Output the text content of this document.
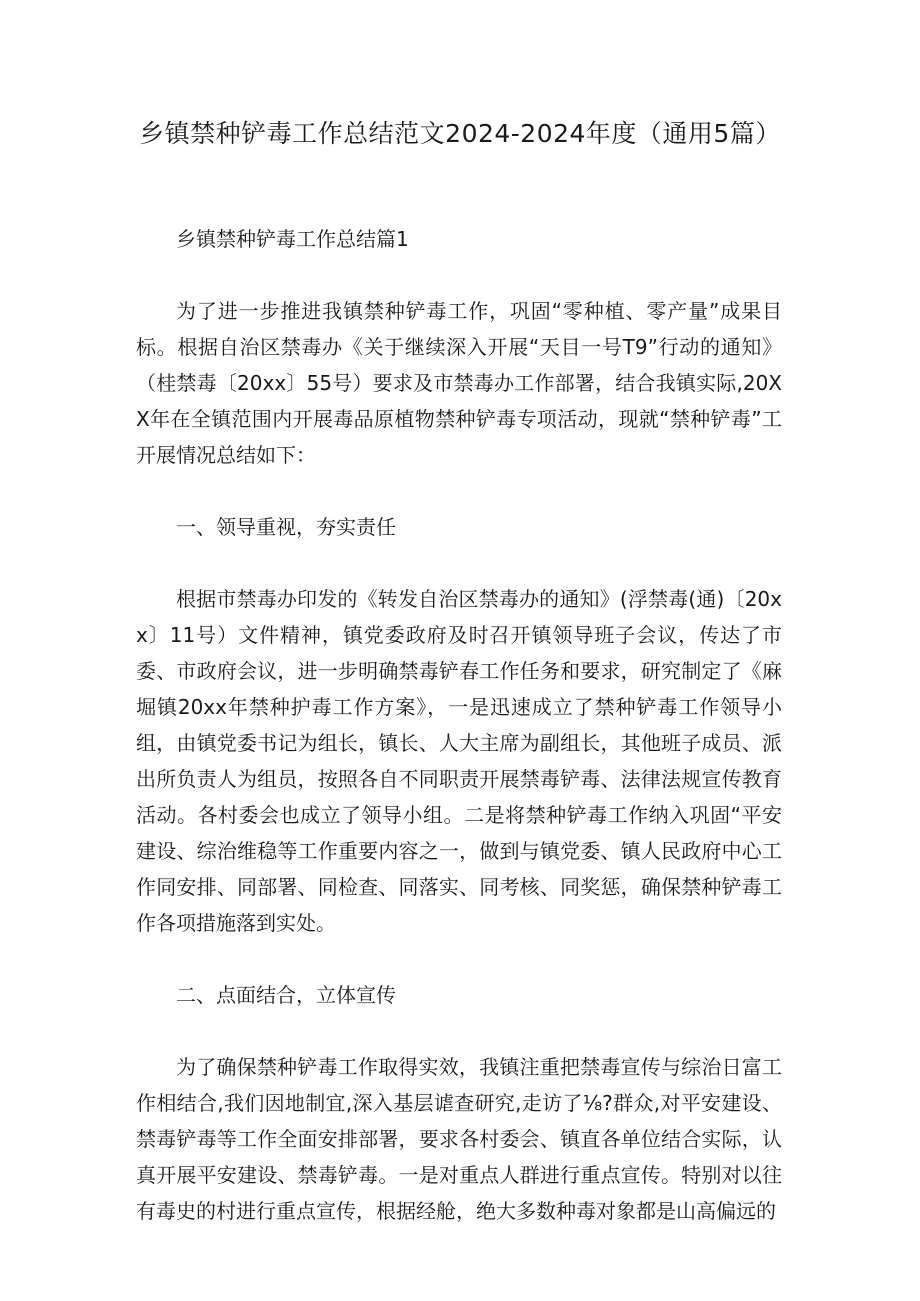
乡镇禁种铲毒工作总结范文2024-2024年度（通用5篇）

乡镇禁种铲毒工作总结篇1

为了进一步推进我镇禁种铲毒工作，巩固“零种植、零产量”成果目标。根据自治区禁毒办《关于继续深入开展“天目一号T9”行动的通知》（桂禁毒〔20xx〕55号）要求及市禁毒办工作部署，结合我镇实际,20XX年在全镇范围内开展毒品原植物禁种铲毒专项活动，现就“禁种铲毒”工开展情况总结如下：

一、领导重视，夯实责任

根据市禁毒办印发的《转发自治区禁毒办的通知》(浮禁毒(通)〔20xx〕11号）文件精神，镇党委政府及时召开镇领导班子会议，传达了市委、市政府会议，进一步明确禁毒铲春工作任务和要求，研究制定了《麻堀镇20xx年禁种护毒工作方案》，一是迅速成立了禁种铲毒工作领导小组，由镇党委书记为组长，镇长、人大主席为副组长，其他班子成员、派出所负责人为组员，按照各自不同职责开展禁毒铲毒、法律法规宣传教育活动。各村委会也成立了领导小组。二是将禁种铲毒工作纳入巩固“平安建设、综治维稳等工作重要内容之一，做到与镇党委、镇人民政府中心工作同安排、同部署、同检查、同落实、同考核、同奖惩，确保禁种铲毒工作各项措施落到实处。

二、点面结合，立体宣传

为了确保禁种铲毒工作取得实效，我镇注重把禁毒宣传与综治日富工作相结合,我们因地制宜,深入基层谑查研究,走访了⅛?群众,对平安建设、禁毒铲毒等工作全面安排部署，要求各村委会、镇直各单位结合实际，认真开展平安建设、禁毒铲毒。一是对重点人群进行重点宣传。特别对以往有毒史的村进行重点宣传，根据经舱，绝大多数种毒对象都是山高偏远的
